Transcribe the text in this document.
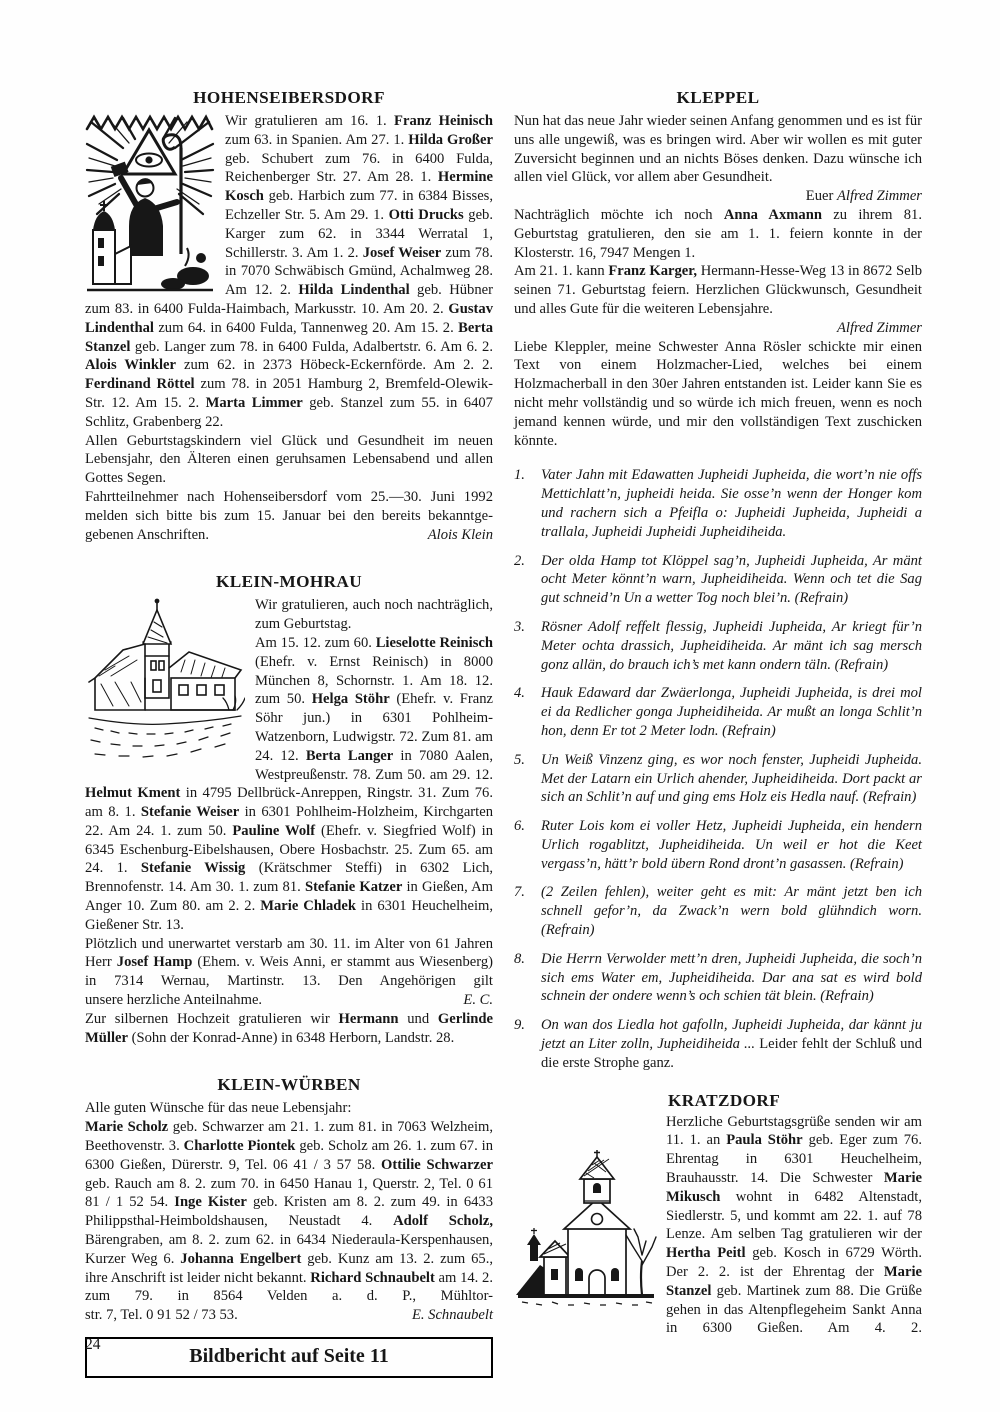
HOHENSEIBERSDORF

Wir gratulieren am 16. 1. Franz Heinisch zum 63. in Spanien. Am 27. 1. Hilda Großer geb. Schubert zum 76. in 6400 Fulda, Reichenberger Str. 27. Am 28. 1. Hermine Kosch geb. Harbich zum 77. in 6384 Bisses, Echzeller Str. 5. Am 29. 1. Otti Drucks geb. Karger zum 62. in 3344 Werratal 1, Schillerstr. 3. Am 1. 2. Josef Weiser zum 78. in 7070 Schwäbisch Gmünd, Achalmweg 28. Am 12. 2. Hilda Lindenthal geb. Hübner zum 83. in 6400 Fulda-Haimbach, Markusstr. 10. Am 20. 2. Gustav Lindenthal zum 64. in 6400 Fulda, Tannenweg 20. Am 15. 2. Berta Stanzel geb. Langer zum 78. in 6400 Fulda, Adalbertstr. 6. Am 6. 2. Alois Winkler zum 62. in 2373 Höbeck-Eckernförde. Am 2. 2. Ferdinand Röttel zum 78. in 2051 Hamburg 2, Bremfeld-Olewik-Str. 12. Am 15. 2. Marta Limmer geb. Stanzel zum 55. in 6407 Schlitz, Grabenberg 22.

Allen Geburtstagskindern viel Glück und Gesundheit im neuen Lebensjahr, den Älteren einen geruhsamen Lebensabend und allen Gottes Segen.

Fahrtteilnehmer nach Hohenseibersdorf vom 25.—30. Juni 1992 melden sich bitte bis zum 15. Januar bei den bereits bekanntge-

gebenen Anschriften.	Alois Klein
KLEIN-MOHRAU

Wir gratulieren, auch noch nachträglich, zum Geburtstag.

Am 15. 12. zum 60. Lieselotte Reinisch (Ehefr. v. Ernst Reinisch) in 8000 München 8, Schornstr. 1. Am 18. 12. zum 50. Helga Stöhr (Ehefr. v. Franz Söhr jun.) in 6301 Pohlheim-Watzenborn, Ludwigstr. 72. Zum 81. am 24. 12. Berta Langer in 7080 Aalen, Westpreußenstr. 78. Zum 50. am 29. 12. Helmut Kment in 4795 Dellbrück-Anreppen, Ringstr. 31. Zum 76. am 8. 1. Stefanie Weiser in 6301 Pohlheim-Holzheim, Kirchgarten 22. Am 24. 1. zum 50. Pauline Wolf (Ehefr. v. Siegfried Wolf) in 6345 Eschenburg-Eibelshausen, Obere Hosbachstr. 25. Zum 65. am 24. 1. Stefanie Wissig (Krätschmer Steffi) in 6302 Lich, Brennofenstr. 14. Am 30. 1. zum 81. Stefanie Katzer in Gießen, Am Anger 10. Zum 80. am 2. 2. Marie Chladek in 6301 Heuchelheim, Gießener Str. 13.

Plötzlich und unerwartet verstarb am 30. 11. im Alter von 61 Jahren Herr Josef Hamp (Ehem. v. Weis Anni, er stammt aus Wiesenberg) in 7314 Wernau, Martinstr. 13. Den Angehörigen gilt

unsere herzliche Anteilnahme.	E. C.

Zur silbernen Hochzeit gratulieren wir Hermann und Gerlinde Müller (Sohn der Konrad-Anne) in 6348 Herborn, Landstr. 28.

KLEIN-WÜRBEN

Alle guten Wünsche für das neue Lebensjahr:

Marie Scholz geb. Schwarzer am 21. 1. zum 81. in 7063 Welzheim, Beethovenstr. 3. Charlotte Piontek geb. Scholz am 26. 1. zum 67. in 6300 Gießen, Dürerstr. 9, Tel. 06 41 / 3 57 58. Ottilie Schwarzer geb. Rauch am 8. 2. zum 70. in 6450 Hanau 1, Querstr. 2, Tel. 0 61 81 / 1 52 54. Inge Kister geb. Kristen am 8. 2. zum 49. in 6433 Philippsthal-Heimboldshausen, Neustadt 4. Adolf Scholz, Bärengraben, am 8. 2. zum 62. in 6434 Niederaula-Kerspenhausen, Kurzer Weg 6. Johanna Engelbert geb. Kunz am 13. 2. zum 65., ihre Anschrift ist leider nicht bekannt. Richard Schnaubelt am 14. 2. zum 79. in 8564 Velden a. d. P., Mühltor-

str. 7, Tel. 0 91 52 / 73 53.	E. Schnaubelt
Bildbericht auf Seite 11
KLEPPEL

Nun hat das neue Jahr wieder seinen Anfang genommen und es ist für uns alle ungewiß, was es bringen wird. Aber wir wollen es mit guter Zuversicht beginnen und an nichts Böses denken. Dazu wünsche ich allen viel Glück, vor allem aber Gesundheit.

Euer Alfred Zimmer

Nachträglich möchte ich noch Anna Axmann zu ihrem 81. Geburtstag gratulieren, den sie am 1. 1. feiern konnte in der Klosterstr. 16, 7947 Mengen 1.

Am 21. 1. kann Franz Karger, Hermann-Hesse-Weg 13 in 8672 Selb seinen 71. Geburtstag feiern. Herzlichen Glückwunsch, Gesundheit und alles Gute für die weiteren Lebensjahre.

Alfred Zimmer

Liebe Kleppler, meine Schwester Anna Rösler schickte mir einen Text von einem Holzmacher-Lied, welches bei einem Holzmacherball in den 30er Jahren entstanden ist. Leider kann Sie es nicht mehr vollständig und so würde ich mich freuen, wenn es noch jemand kennen würde, und mir den vollständigen Text zuschicken könnte.

1.	Vater Jahn mit Edawatten Jupheidi Jupheida, die wort’n nie offs Mettichlatt’n, jupheidi heida. Sie osse’n wenn der Honger kom und rachern sich a Pfeifla o: Jupheidi Jupheida, Jupheidi a trallala, Jupheidi Jupheidi Jupheidiheida.
2.	Der olda Hamp tot Klöppel sag’n, Jupheidi Jupheida, Ar mänt ocht Meter könnt’n warn, Jupheidiheida. Wenn och tet die Sag gut schneid’n Un a wetter Tog noch blei’n. (Refrain)
3.	Rösner Adolf reffelt flessig, Jupheidi Jupheida, Ar kriegt für’n Meter ochta drassich, Jupheidiheida. Ar mänt ich sag mersch gonz allän, do brauch ich’s met kann ondern täln. (Refrain)
4.	Hauk Edaward dar Zwäerlonga, Jupheidi Jupheida, is drei mol ei da Redlicher gonga Jupheidiheida. Ar mußt an longa Schlit’n hon, denn Er tot 2 Meter lodn. (Refrain)
5.	Un Weiß Vinzenz ging, es wor noch fenster, Jupheidi Jupheida. Met der Latarn ein Urlich ahender, Jupheidiheida. Dort packt ar sich an Schlit’n auf und ging ems Holz eis Hedla nauf. (Refrain)
6.	Ruter Lois kom ei voller Hetz, Jupheidi Jupheida, ein hendern Urlich rogablitzt, Jupheidiheida. Un weil er hot die Keet vergass’n, hätt’r bold übern Rond dront’n gasassen. (Refrain)
7.	(2 Zeilen fehlen), weiter geht es mit: Ar mänt jetzt ben ich schnell gefor’n, da Zwack’n wern bold glühndich worn. (Refrain)
8.	Die Herrn Verwolder mett’n dren, Jupheidi Jupheida, die soch’n sich ems Water em, Jupheidiheida. Dar ana sat es wird bold schnein der ondere wenn’s och schien tät blein. (Refrain)
9.	On wan dos Liedla hot gafolln, Jupheidi Jupheida, dar kännt ju jetzt an Liter zolln, Jupheidiheida ... Leider fehlt der Schluß und die erste Strophe ganz.
KRATZDORF

Herzliche Geburtstagsgrüße senden wir am 11. 1. an Paula Stöhr geb. Eger zum 76. Ehrentag in 6301 Heuchelheim, Brauhausstr. 14. Die Schwester Marie Mikusch wohnt in 6482 Altenstadt, Siedlerstr. 5, und kommt am 22. 1. auf 78 Lenze. Am selben Tag gratulieren wir der Hertha Peitl geb. Kosch in 6729 Wörth. Der 2. 2. ist der Ehrentag der Marie Stanzel geb. Martinek zum 88. Die Grüße gehen in das Altenpflegeheim Sankt Anna in 6300 Gießen. Am 4. 2.

24
